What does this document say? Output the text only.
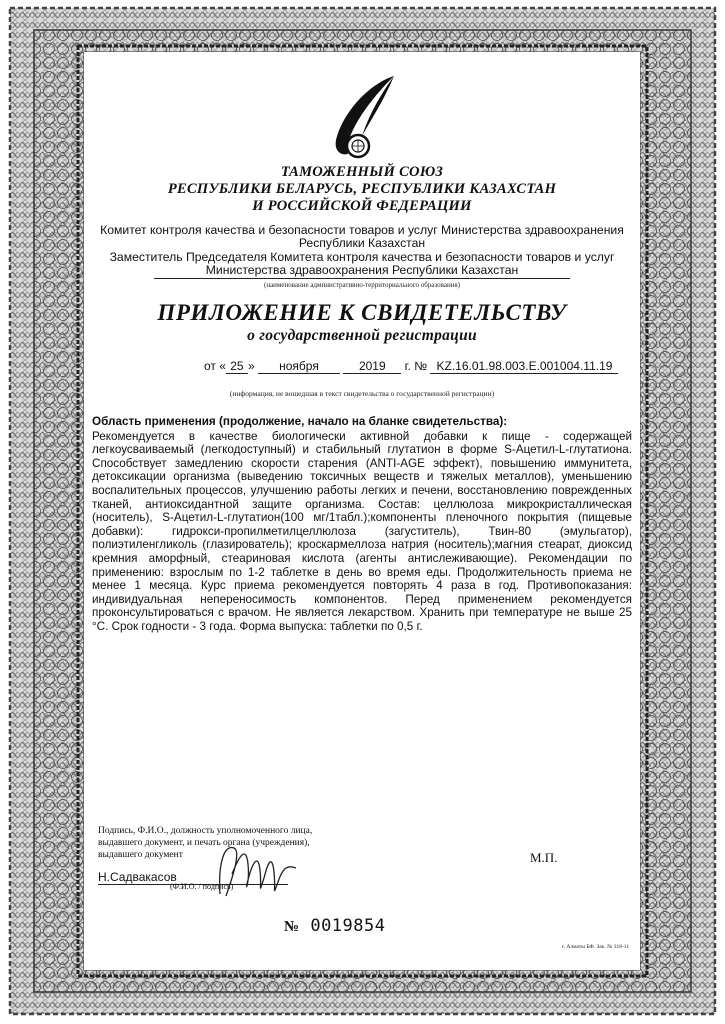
ТАМОЖЕННЫЙ СОЮЗ
РЕСПУБЛИКИ БЕЛАРУСЬ, РЕСПУБЛИКИ КАЗАХСТАН
И РОССИЙСКОЙ ФЕДЕРАЦИИ
Комитет контроля качества и безопасности товаров и услуг Министерства здравоохранения
Республики Казахстан
Заместитель Председателя Комитета контроля качества и безопасности товаров и услуг
Министерства здравоохранения Республики Казахстан
(наименование административно-территориального образования)
ПРИЛОЖЕНИЕ К СВИДЕТЕЛЬСТВУ
о государственной регистрации
от « 25 » ноября	2019 г. № KZ.16.01.98.003.E.001004.11.19
(информация, не вошедшая в текст свидетельства о государственной регистрации)

Область применения (продолжение, начало на бланке свидетельства):

Рекомендуется в качестве биологически активной добавки к пище - содержащей легкоусваиваемый (легкодоступный) и стабильный глутатион в форме S-Ацетил-L-глутатиона. Способствует замедлению скорости старения (ANTI-AGE эффект), повышению иммунитета, детоксикации организма (выведению токсичных веществ и тяжелых металлов), уменьшению воспалительных процессов, улучшению работы легких и печени, восстановлению поврежденных тканей, антиоксидантной защите организма. Состав: целлюлоза микрокристаллическая (носитель), S-Ацетил-L-глутатион(100 мг/1табл.);компоненты пленочного покрытия (пищевые добавки): гидрокси-пропилметилцеллюлоза (загуститель), Твин-80 (эмульгатор), полиэтиленгликоль (глазирователь); кроскармеллоза натрия (носитель);магния стеарат, диоксид кремния аморфный, стеариновая кислота (агенты антислеживающие). Рекомендации по применению: взрослым по 1-2 таблетке в день во время еды. Продолжительность приема не менее 1 месяца. Курс приема рекомендуется повторять 4 раза в год. Противопоказания: индивидуальная непереносимость компонентов. Перед применением рекомендуется проконсультироваться с врачом. Не является лекарством. Хранить при температуре не выше 25 °С. Срок годности - 3 года. Форма выпуска: таблетки по 0,5 г.

Подпись, Ф.И.О., должность уполномоченного лица,
выдавшего документ, и печать органа (учреждения),
выдавшего документ
Н.Садвакасов
(Ф.И.О. / подпись)
М.П.
№ 0019854
г. Алматы БФ. Зак. № 318-11
